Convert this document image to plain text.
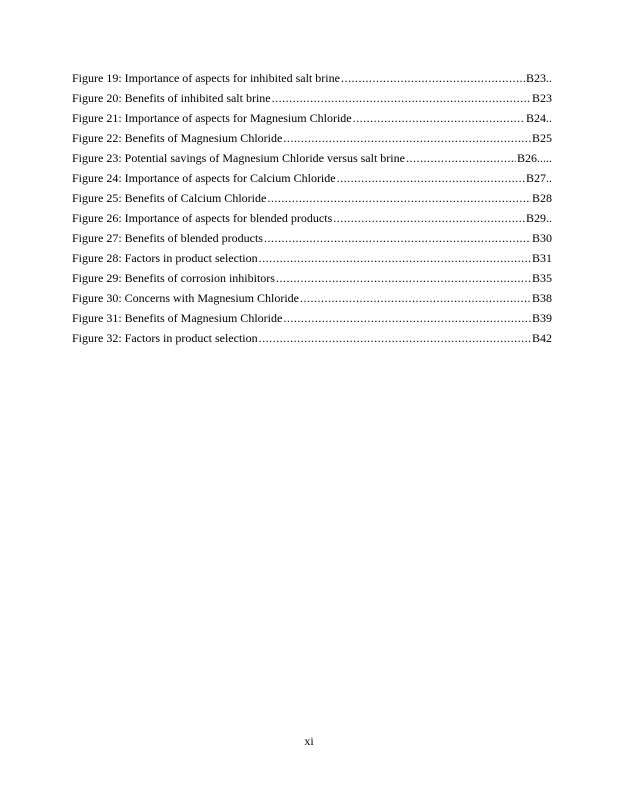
Figure 19: Importance of aspects for inhibited salt brine .....	B23..
Figure 20: Benefits of inhibited salt brine .....	B23
Figure 21: Importance of aspects for Magnesium Chloride .....	B24..
Figure 22: Benefits of Magnesium Chloride .....	B25
Figure 23: Potential savings of Magnesium Chloride versus salt brine .....	B26.....
Figure 24: Importance of aspects for Calcium Chloride .....	B27..
Figure 25: Benefits of Calcium Chloride .....	B28
Figure 26: Importance of aspects for blended products .....	B29..
Figure 27: Benefits of blended products .....	B30
Figure 28: Factors in product selection .....	B31
Figure 29: Benefits of corrosion inhibitors .....	B35
Figure 30: Concerns with Magnesium Chloride .....	B38
Figure 31: Benefits of Magnesium Chloride .....	B39
Figure 32: Factors in product selection .....	B42
xi
